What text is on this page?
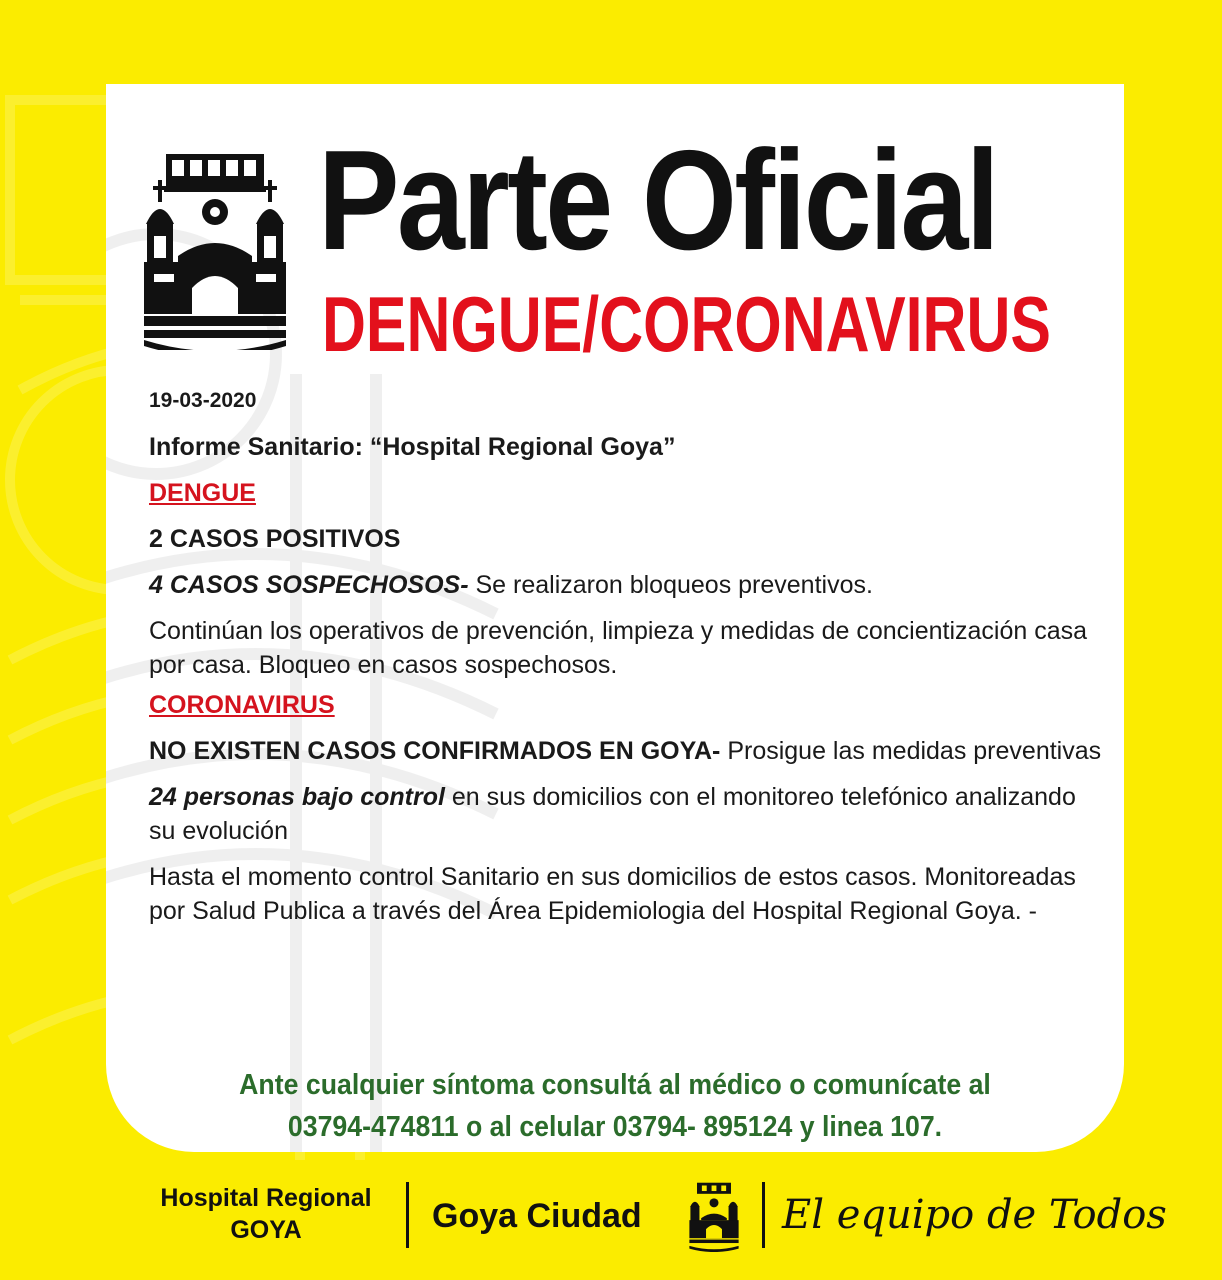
Parte Oficial
DENGUE/CORONAVIRUS
19-03-2020
Informe Sanitario: “Hospital Regional Goya”
DENGUE
2 CASOS POSITIVOS
4 CASOS SOSPECHOSOS- Se realizaron bloqueos preventivos.
Continúan los operativos de prevención, limpieza y medidas de concientización casa por casa. Bloqueo en casos sospechosos.
CORONAVIRUS
NO EXISTEN CASOS CONFIRMADOS EN GOYA- Prosigue las medidas preventivas
24 personas bajo control en sus domicilios con el monitoreo telefónico analizando su evolución
Hasta el momento control Sanitario en sus domicilios de estos casos. Monitoreadas por Salud Publica a través del Área Epidemiologia del Hospital Regional Goya. -
Ante cualquier síntoma consultá al médico o comunícate al
03794-474811 o al celular 03794- 895124 y linea 107.
Hospital Regional
GOYA	Goya Ciudad	El equipo de Todos
